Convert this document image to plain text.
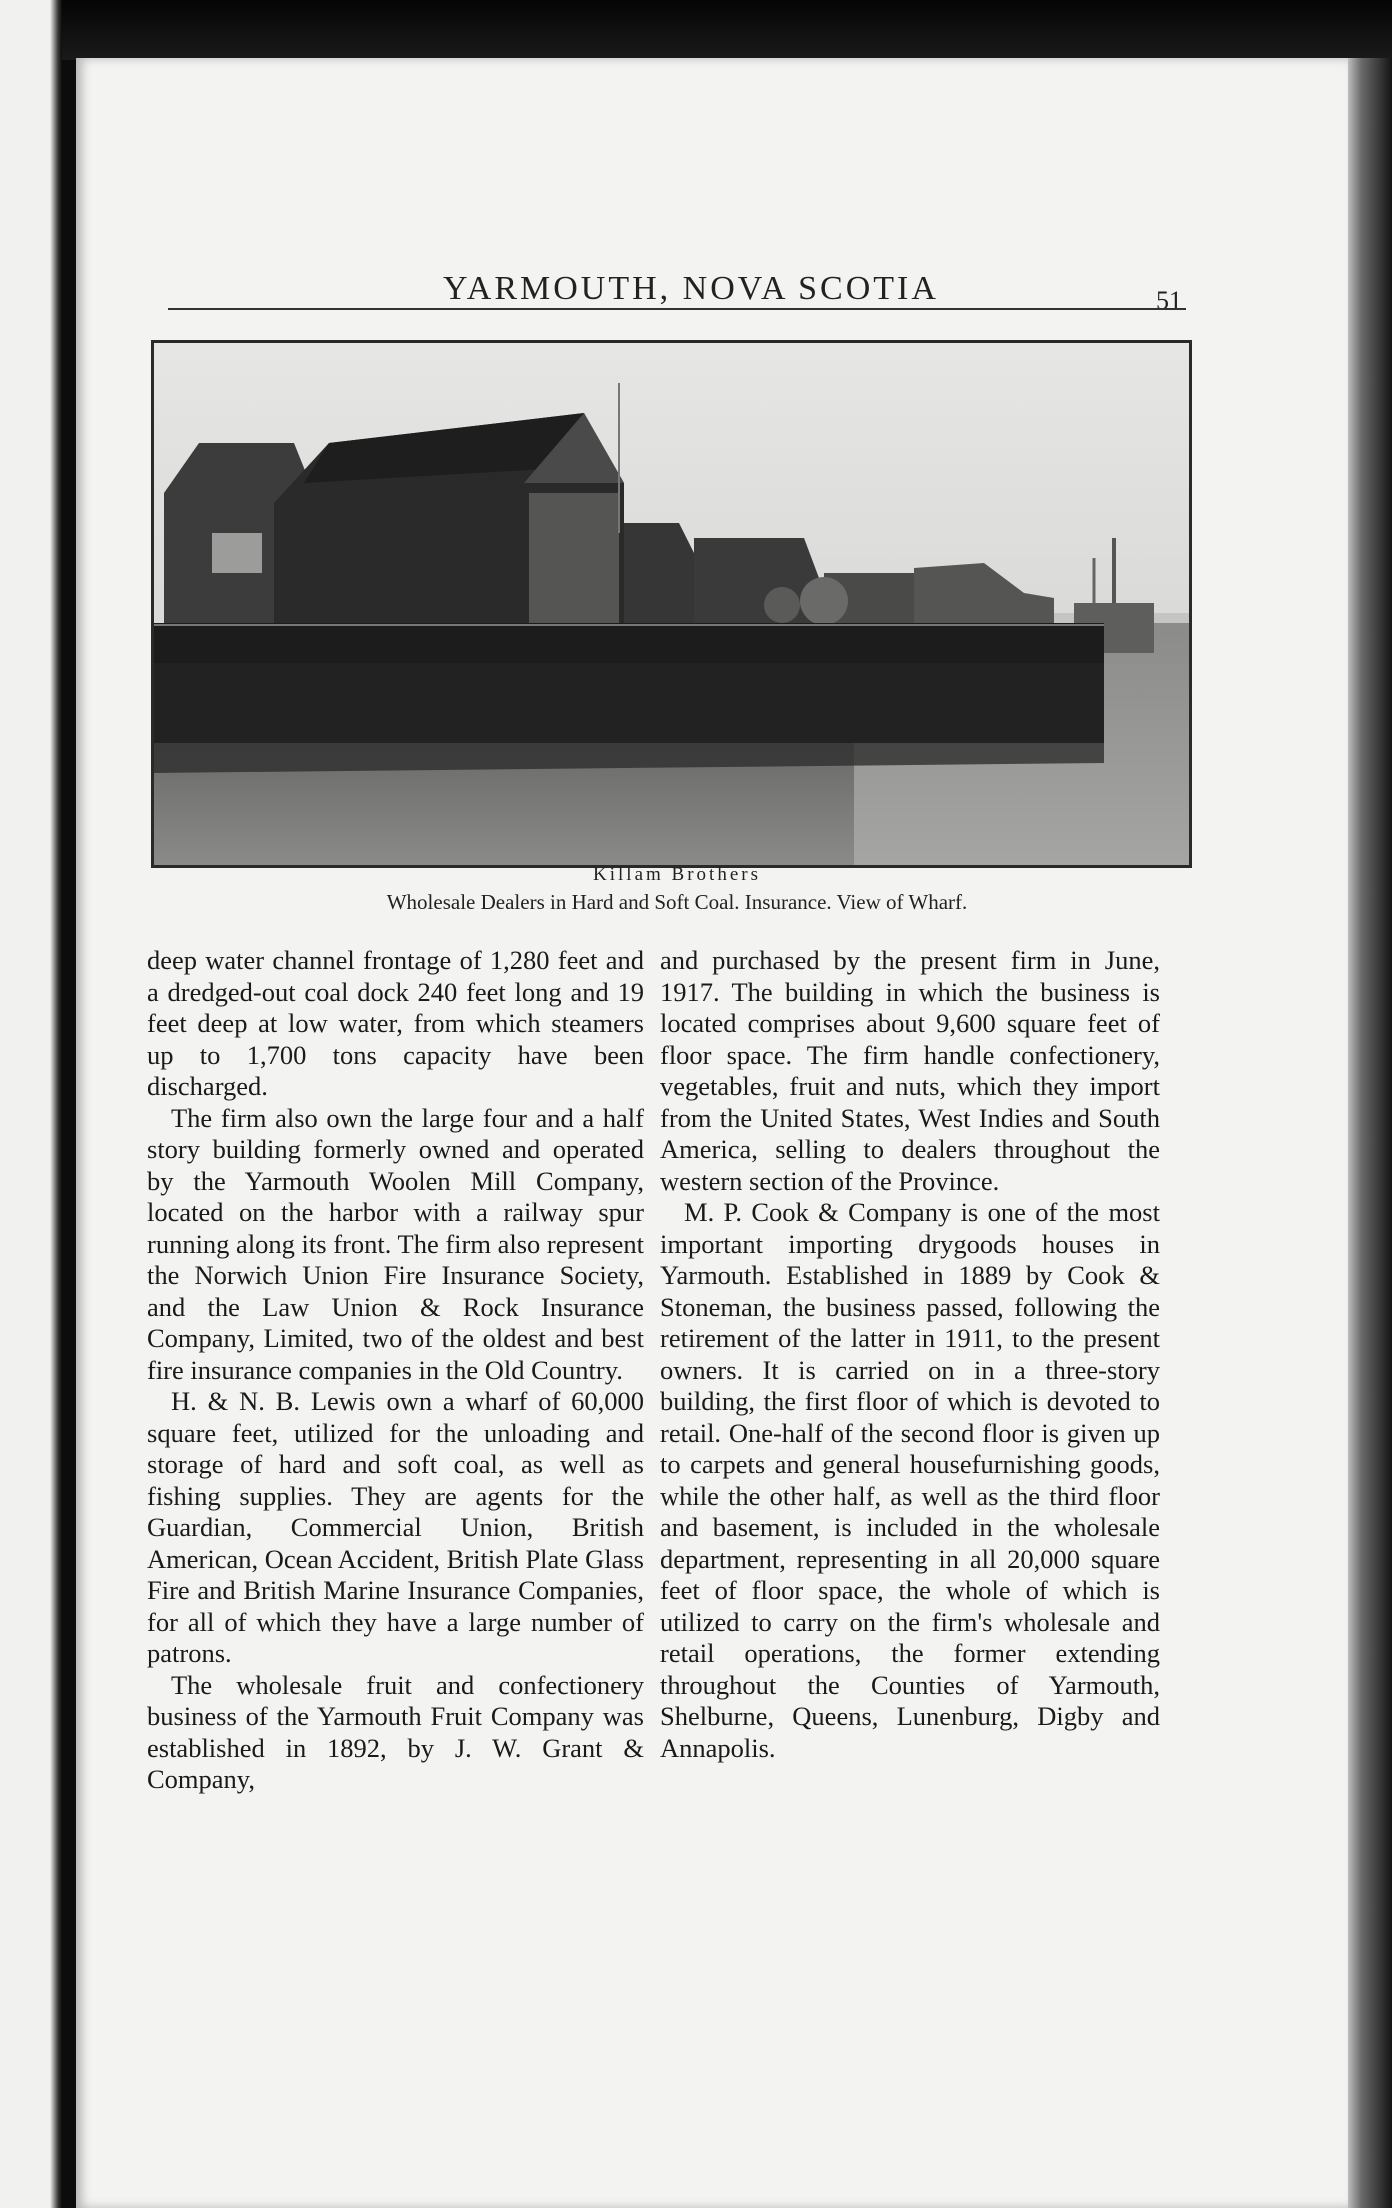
YARMOUTH, NOVA SCOTIA	51
Killam Brothers
Wholesale Dealers in Hard and Soft Coal. Insurance. View of Wharf.

deep water channel frontage of 1,280 feet and a dredged-out coal dock 240 feet long and 19 feet deep at low water, from which steamers up to 1,700 tons capacity have been discharged.

The firm also own the large four and a half story building formerly owned and operated by the Yarmouth Woolen Mill Company, located on the harbor with a railway spur running along its front. The firm also represent the Norwich Union Fire Insurance Society, and the Law Union & Rock Insurance Company, Limited, two of the oldest and best fire insurance companies in the Old Country.

H. & N. B. Lewis own a wharf of 60,000 square feet, utilized for the unloading and storage of hard and soft coal, as well as fishing supplies. They are agents for the Guardian, Commercial Union, British American, Ocean Accident, British Plate Glass Fire and British Marine Insurance Companies, for all of which they have a large number of patrons.

The wholesale fruit and confectionery business of the Yarmouth Fruit Company was established in 1892, by J. W. Grant & Company,

and purchased by the present firm in June, 1917. The building in which the business is located comprises about 9,600 square feet of floor space. The firm handle confectionery, vegetables, fruit and nuts, which they import from the United States, West Indies and South America, selling to dealers throughout the western section of the Province.

M. P. Cook & Company is one of the most important importing drygoods houses in Yarmouth. Established in 1889 by Cook & Stoneman, the business passed, following the retirement of the latter in 1911, to the present owners. It is carried on in a three-story building, the first floor of which is devoted to retail. One-half of the second floor is given up to carpets and general housefurnishing goods, while the other half, as well as the third floor and basement, is included in the wholesale department, representing in all 20,000 square feet of floor space, the whole of which is utilized to carry on the firm's wholesale and retail operations, the former extending throughout the Counties of Yarmouth, Shelburne, Queens, Lunenburg, Digby and Annapolis.
